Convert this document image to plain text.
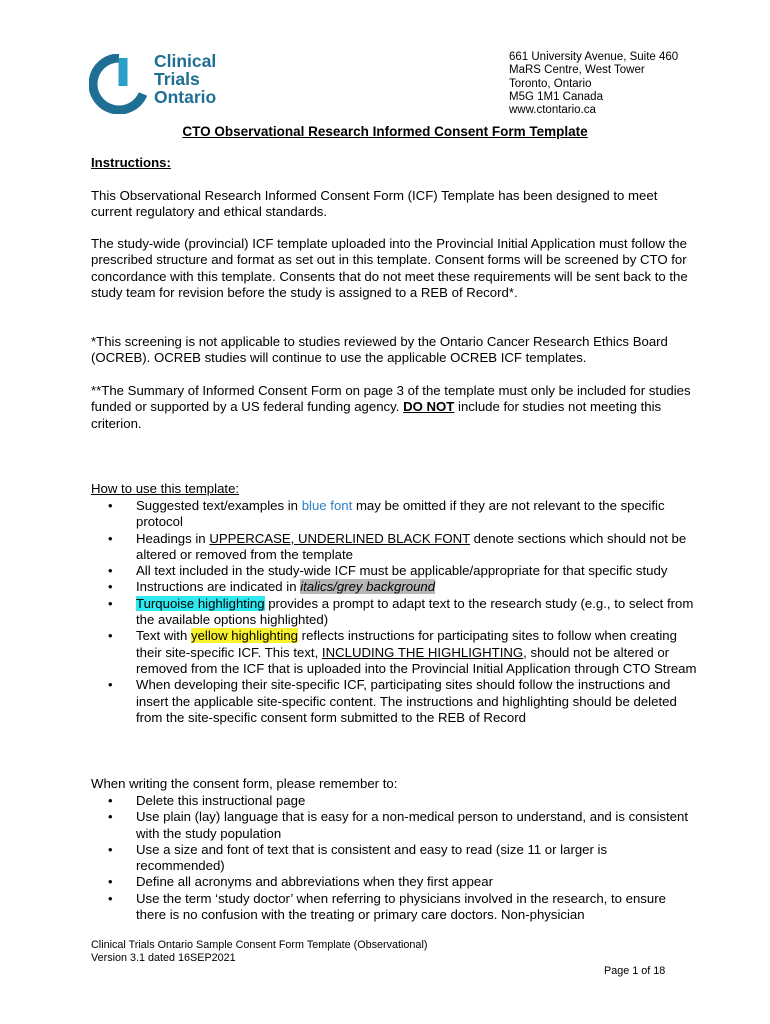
Clinical
Trials
Ontario
661 University Avenue, Suite 460
MaRS Centre, West Tower
Toronto, Ontario
M5G 1M1 Canada
www.ctontario.ca
CTO Observational Research Informed Consent Form Template
Instructions:

This Observational Research Informed Consent Form (ICF) Template has been designed to meet current regulatory and ethical standards.

The study-wide (provincial) ICF template uploaded into the Provincial Initial Application must follow the prescribed structure and format as set out in this template. Consent forms will be screened by CTO for concordance with this template. Consents that do not meet these requirements will be sent back to the study team for revision before the study is assigned to a REB of Record*.

*This screening is not applicable to studies reviewed by the Ontario Cancer Research Ethics Board (OCREB). OCREB studies will continue to use the applicable OCREB ICF templates.

**The Summary of Informed Consent Form on page 3 of the template must only be included for studies funded or supported by a US federal funding agency. DO NOT include for studies not meeting this criterion.

How to use this template:
• Suggested text/examples in blue font may be omitted if they are not relevant to the specific protocol
• Headings in UPPERCASE, UNDERLINED BLACK FONT denote sections which should not be altered or removed from the template
• All text included in the study-wide ICF must be applicable/appropriate for that specific study
• Instructions are indicated in italics/grey background
• Turquoise highlighting provides a prompt to adapt text to the research study (e.g., to select from the available options highlighted)
• Text with yellow highlighting reflects instructions for participating sites to follow when creating their site-specific ICF. This text, INCLUDING THE HIGHLIGHTING, should not be altered or removed from the ICF that is uploaded into the Provincial Initial Application through CTO Stream
• When developing their site-specific ICF, participating sites should follow the instructions and insert the applicable site-specific content. The instructions and highlighting should be deleted from the site-specific consent form submitted to the REB of Record
When writing the consent form, please remember to:
• Delete this instructional page
• Use plain (lay) language that is easy for a non-medical person to understand, and is consistent with the study population
• Use a size and font of text that is consistent and easy to read (size 11 or larger is recommended)
• Define all acronyms and abbreviations when they first appear
• Use the term ‘study doctor’ when referring to physicians involved in the research, to ensure there is no confusion with the treating or primary care doctors. Non-physician
Clinical Trials Ontario Sample Consent Form Template (Observational)
Version 3.1 dated 16SEP2021
Page 1 of 18
